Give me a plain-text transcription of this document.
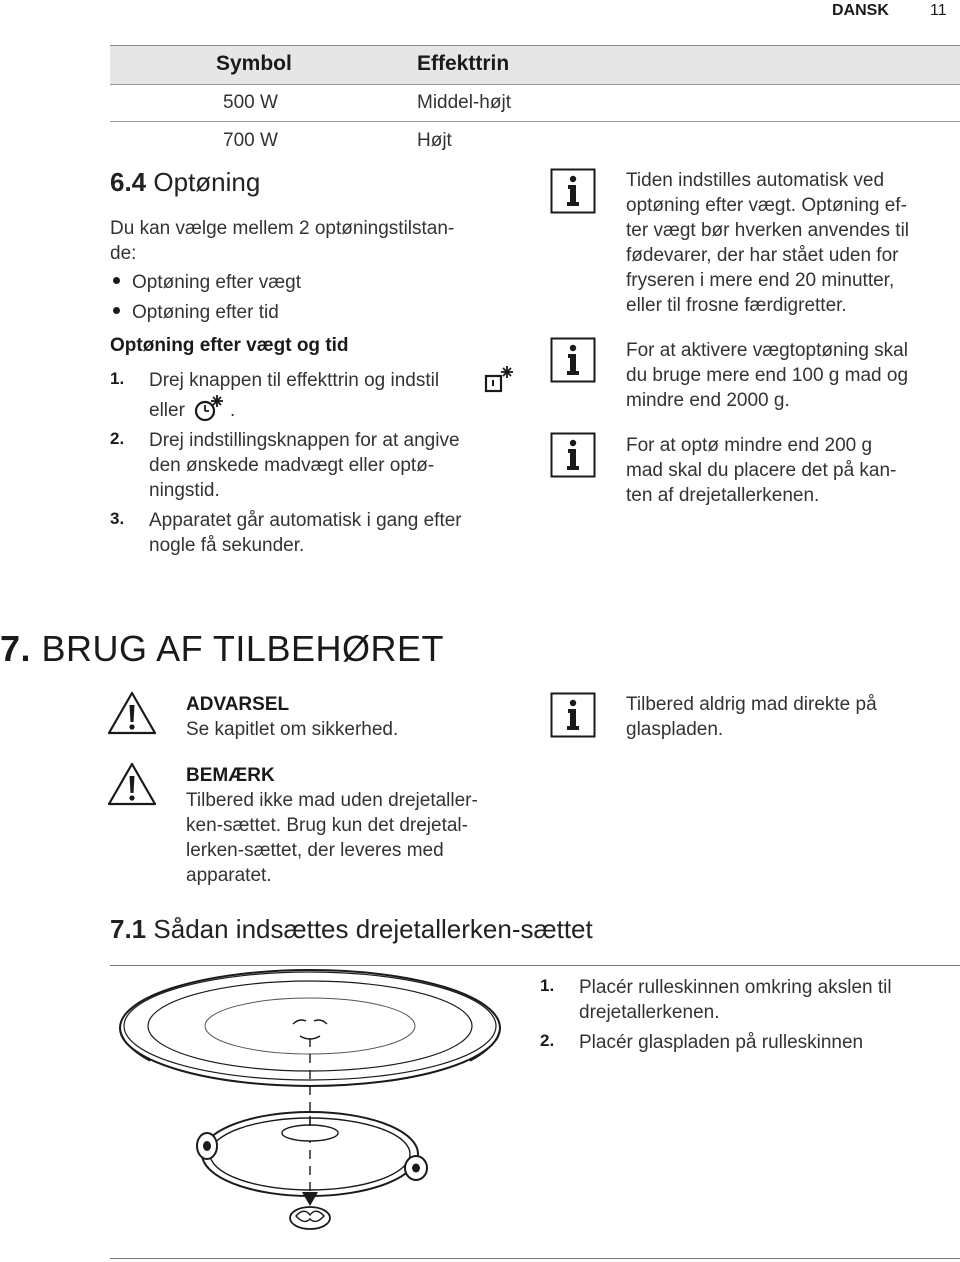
DANSK	11
Symbol	Effekttrin
500 W	Middel-højt
700 W	Højt
6.4 Optøning
Du kan vælge mellem 2 optøningstilstan-
de:
Optøning efter vægt
Optøning efter tid
Optøning efter vægt og tid
1. Drej knappen til effekttrin og indstil
eller .
2. Drej indstillingsknappen for at angive
den ønskede madvægt eller optø-
ningstid.
3. Apparatet går automatisk i gang efter
nogle få sekunder.
Tiden indstilles automatisk ved
optøning efter vægt. Optøning ef-
ter vægt bør hverken anvendes til
fødevarer, der har stået uden for
fryseren i mere end 20 minutter,
eller til frosne færdigretter.
For at aktivere vægtoptøning skal
du bruge mere end 100 g mad og
mindre end 2000 g.
For at optø mindre end 200 g
mad skal du placere det på kan-
ten af drejetallerkenen.
7. BRUG AF TILBEHØRET
ADVARSEL
Se kapitlet om sikkerhed.
BEMÆRK
Tilbered ikke mad uden drejetaller-
ken-sættet. Brug kun det drejetal-
lerken-sættet, der leveres med
apparatet.
Tilbered aldrig mad direkte på
glaspladen.
7.1 Sådan indsættes drejetallerken-sættet
1. Placér rulleskinnen omkring akslen til
drejetallerkenen.
2. Placér glaspladen på rulleskinnen
